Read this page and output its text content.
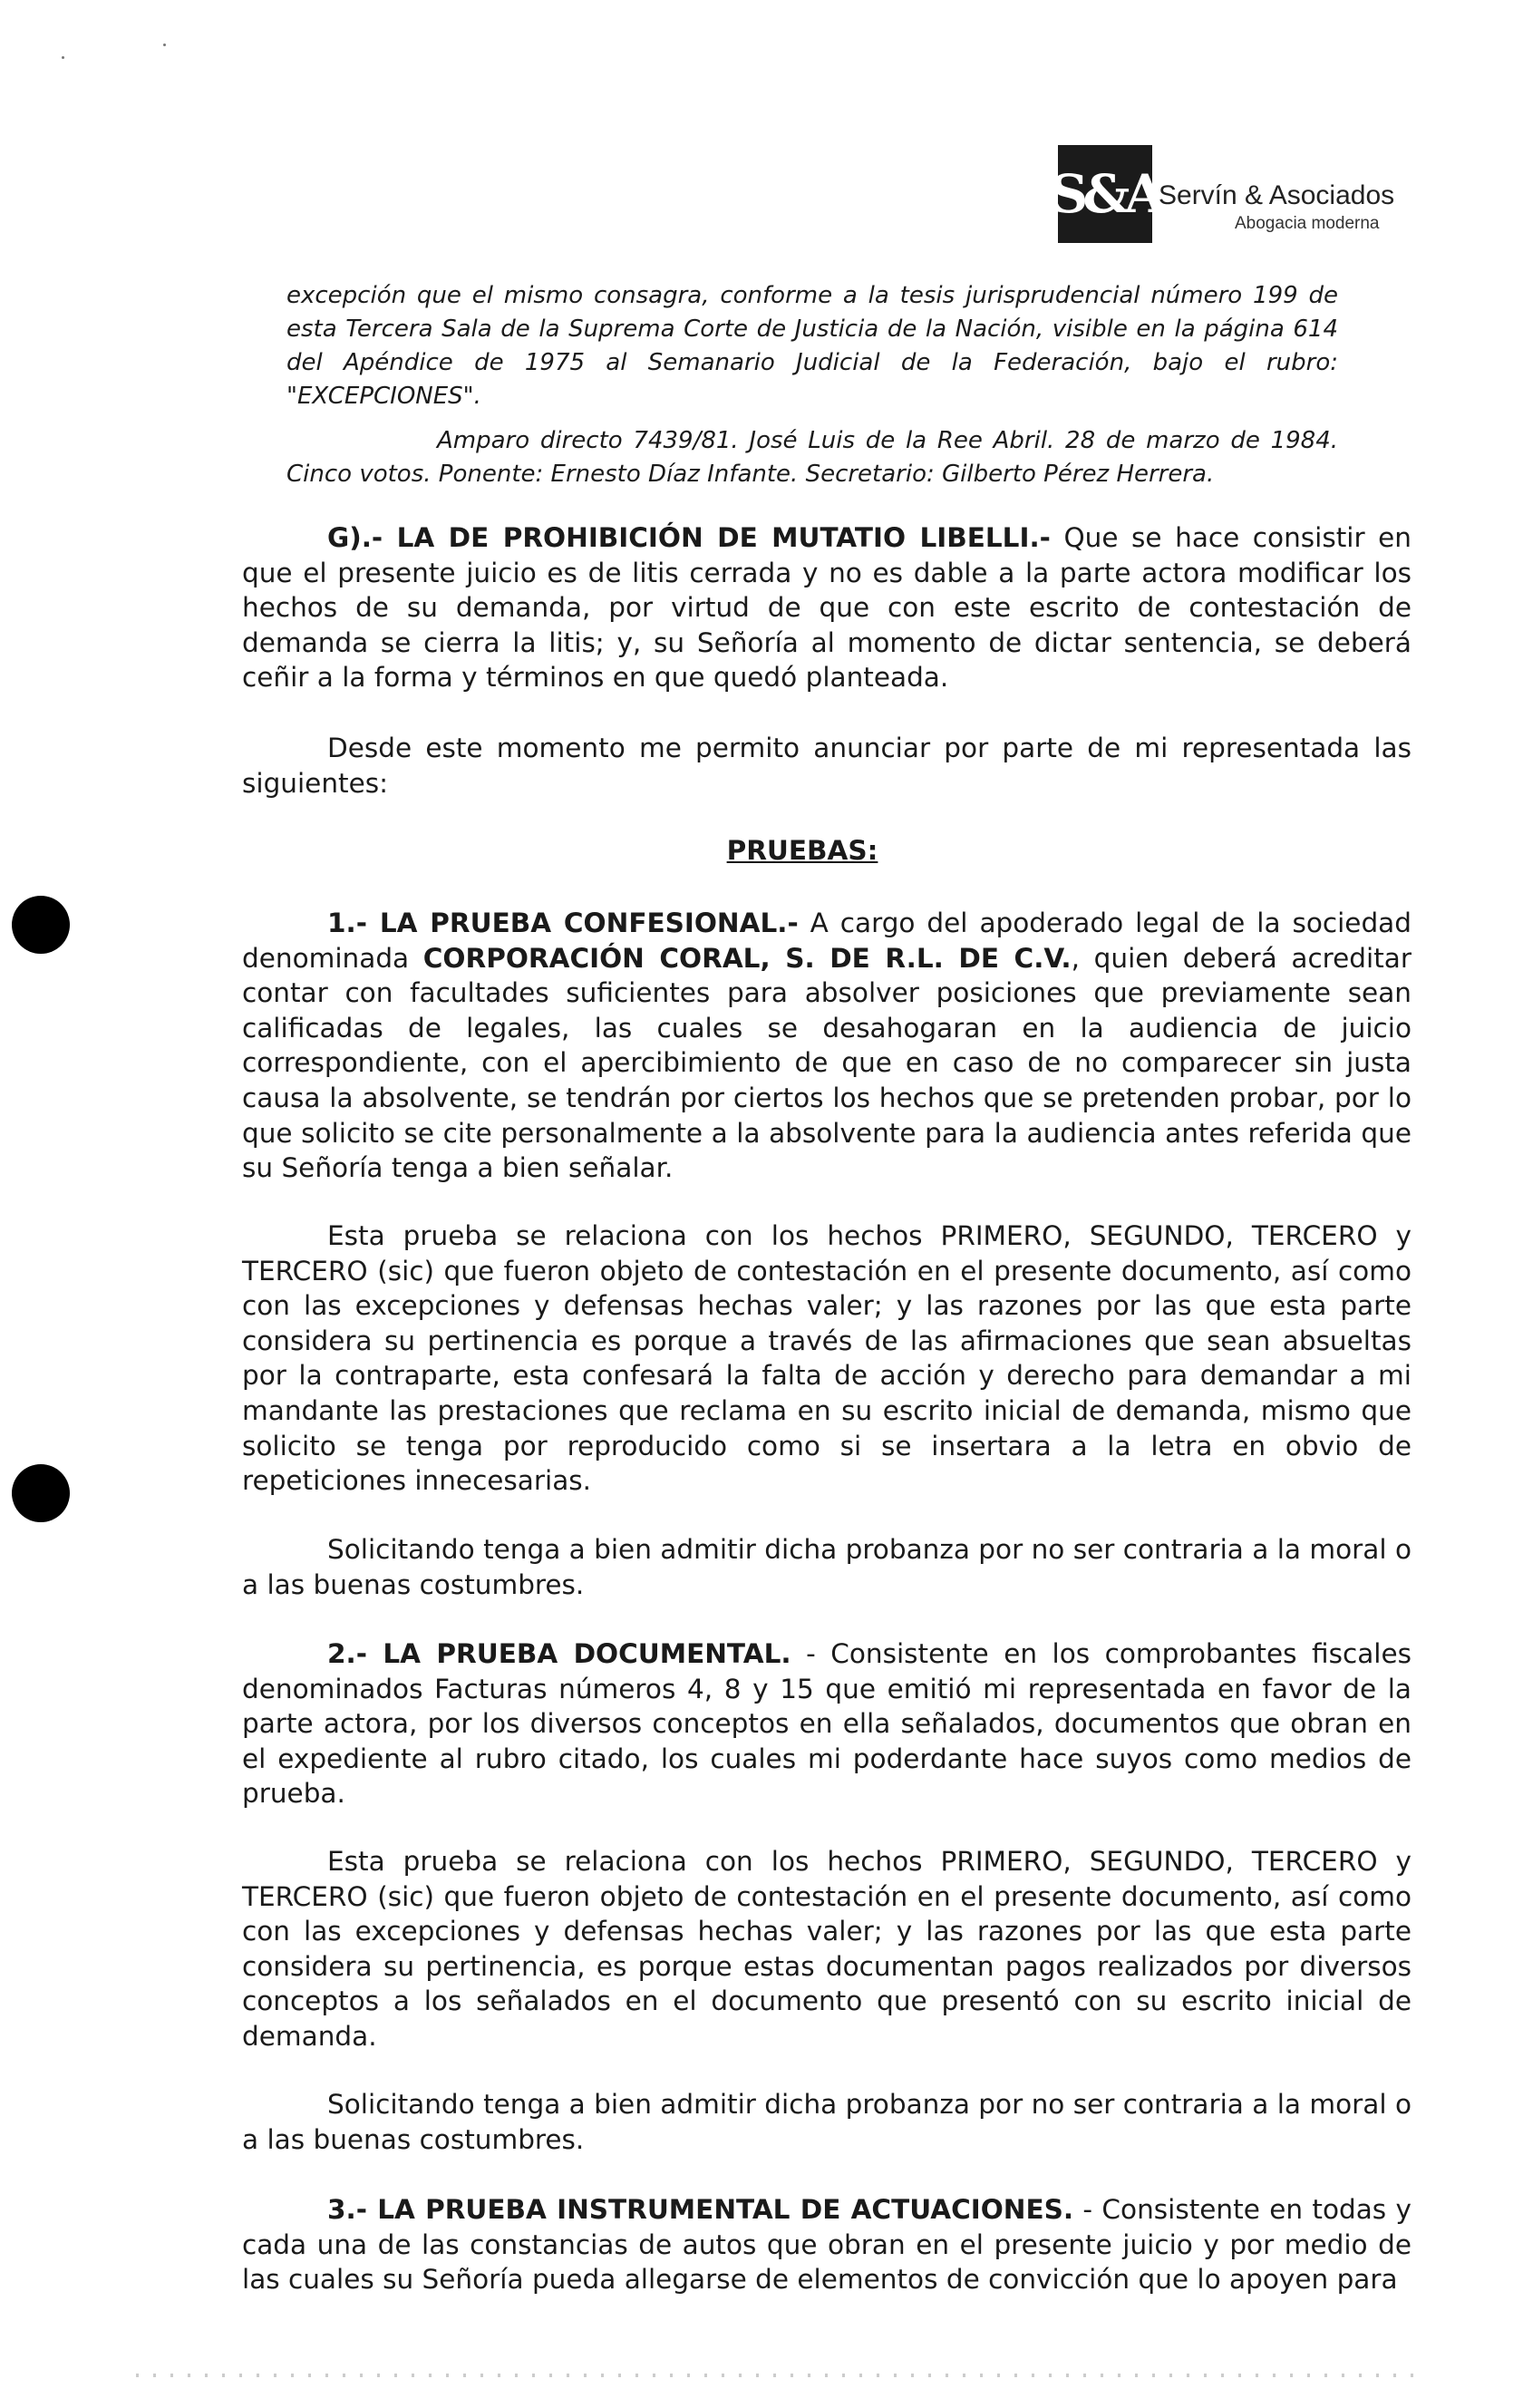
S&A
Servín & Asociados
Abogacia moderna
excepción que el mismo consagra, conforme a la tesis jurisprudencial número 199 de esta Tercera Sala de la Suprema Corte de Justicia de la Nación, visible en la página 614 del Apéndice de 1975 al Semanario Judicial de la Federación, bajo el rubro: "EXCEPCIONES".
Amparo directo 7439/81. José Luis de la Ree Abril. 28 de marzo de 1984. Cinco votos. Ponente: Ernesto Díaz Infante. Secretario: Gilberto Pérez Herrera.
G).- LA DE PROHIBICIÓN DE MUTATIO LIBELLI.- Que se hace consistir en que el presente juicio es de litis cerrada y no es dable a la parte actora modificar los hechos de su demanda, por virtud de que con este escrito de contestación de demanda se cierra la litis; y, su Señoría al momento de dictar sentencia, se deberá ceñir a la forma y términos en que quedó planteada.
Desde este momento me permito anunciar por parte de mi representada las siguientes:
PRUEBAS:
1.- LA PRUEBA CONFESIONAL.- A cargo del apoderado legal de la sociedad denominada CORPORACIÓN CORAL, S. DE R.L. DE C.V., quien deberá acreditar contar con facultades suficientes para absolver posiciones que previamente sean calificadas de legales, las cuales se desahogaran en la audiencia de juicio correspondiente, con el apercibimiento de que en caso de no comparecer sin justa causa la absolvente, se tendrán por ciertos los hechos que se pretenden probar, por lo que solicito se cite personalmente a la absolvente para la audiencia antes referida que su Señoría tenga a bien señalar.
Esta prueba se relaciona con los hechos PRIMERO, SEGUNDO, TERCERO y TERCERO (sic) que fueron objeto de contestación en el presente documento, así como con las excepciones y defensas hechas valer; y las razones por las que esta parte considera su pertinencia es porque a través de las afirmaciones que sean absueltas por la contraparte, esta confesará la falta de acción y derecho para demandar a mi mandante las prestaciones que reclama en su escrito inicial de demanda, mismo que solicito se tenga por reproducido como si se insertara a la letra en obvio de repeticiones innecesarias.
Solicitando tenga a bien admitir dicha probanza por no ser contraria a la moral o a las buenas costumbres.
2.- LA PRUEBA DOCUMENTAL. - Consistente en los comprobantes fiscales denominados Facturas números 4, 8 y 15 que emitió mi representada en favor de la parte actora, por los diversos conceptos en ella señalados, documentos que obran en el expediente al rubro citado, los cuales mi poderdante hace suyos como medios de prueba.
Esta prueba se relaciona con los hechos PRIMERO, SEGUNDO, TERCERO y TERCERO (sic) que fueron objeto de contestación en el presente documento, así como con las excepciones y defensas hechas valer; y las razones por las que esta parte considera su pertinencia, es porque estas documentan pagos realizados por diversos conceptos a los señalados en el documento que presentó con su escrito inicial de demanda.
Solicitando tenga a bien admitir dicha probanza por no ser contraria a la moral o a las buenas costumbres.
3.- LA PRUEBA INSTRUMENTAL DE ACTUACIONES. - Consistente en todas y cada una de las constancias de autos que obran en el presente juicio y por medio de las cuales su Señoría pueda allegarse de elementos de convicción que lo apoyen para
